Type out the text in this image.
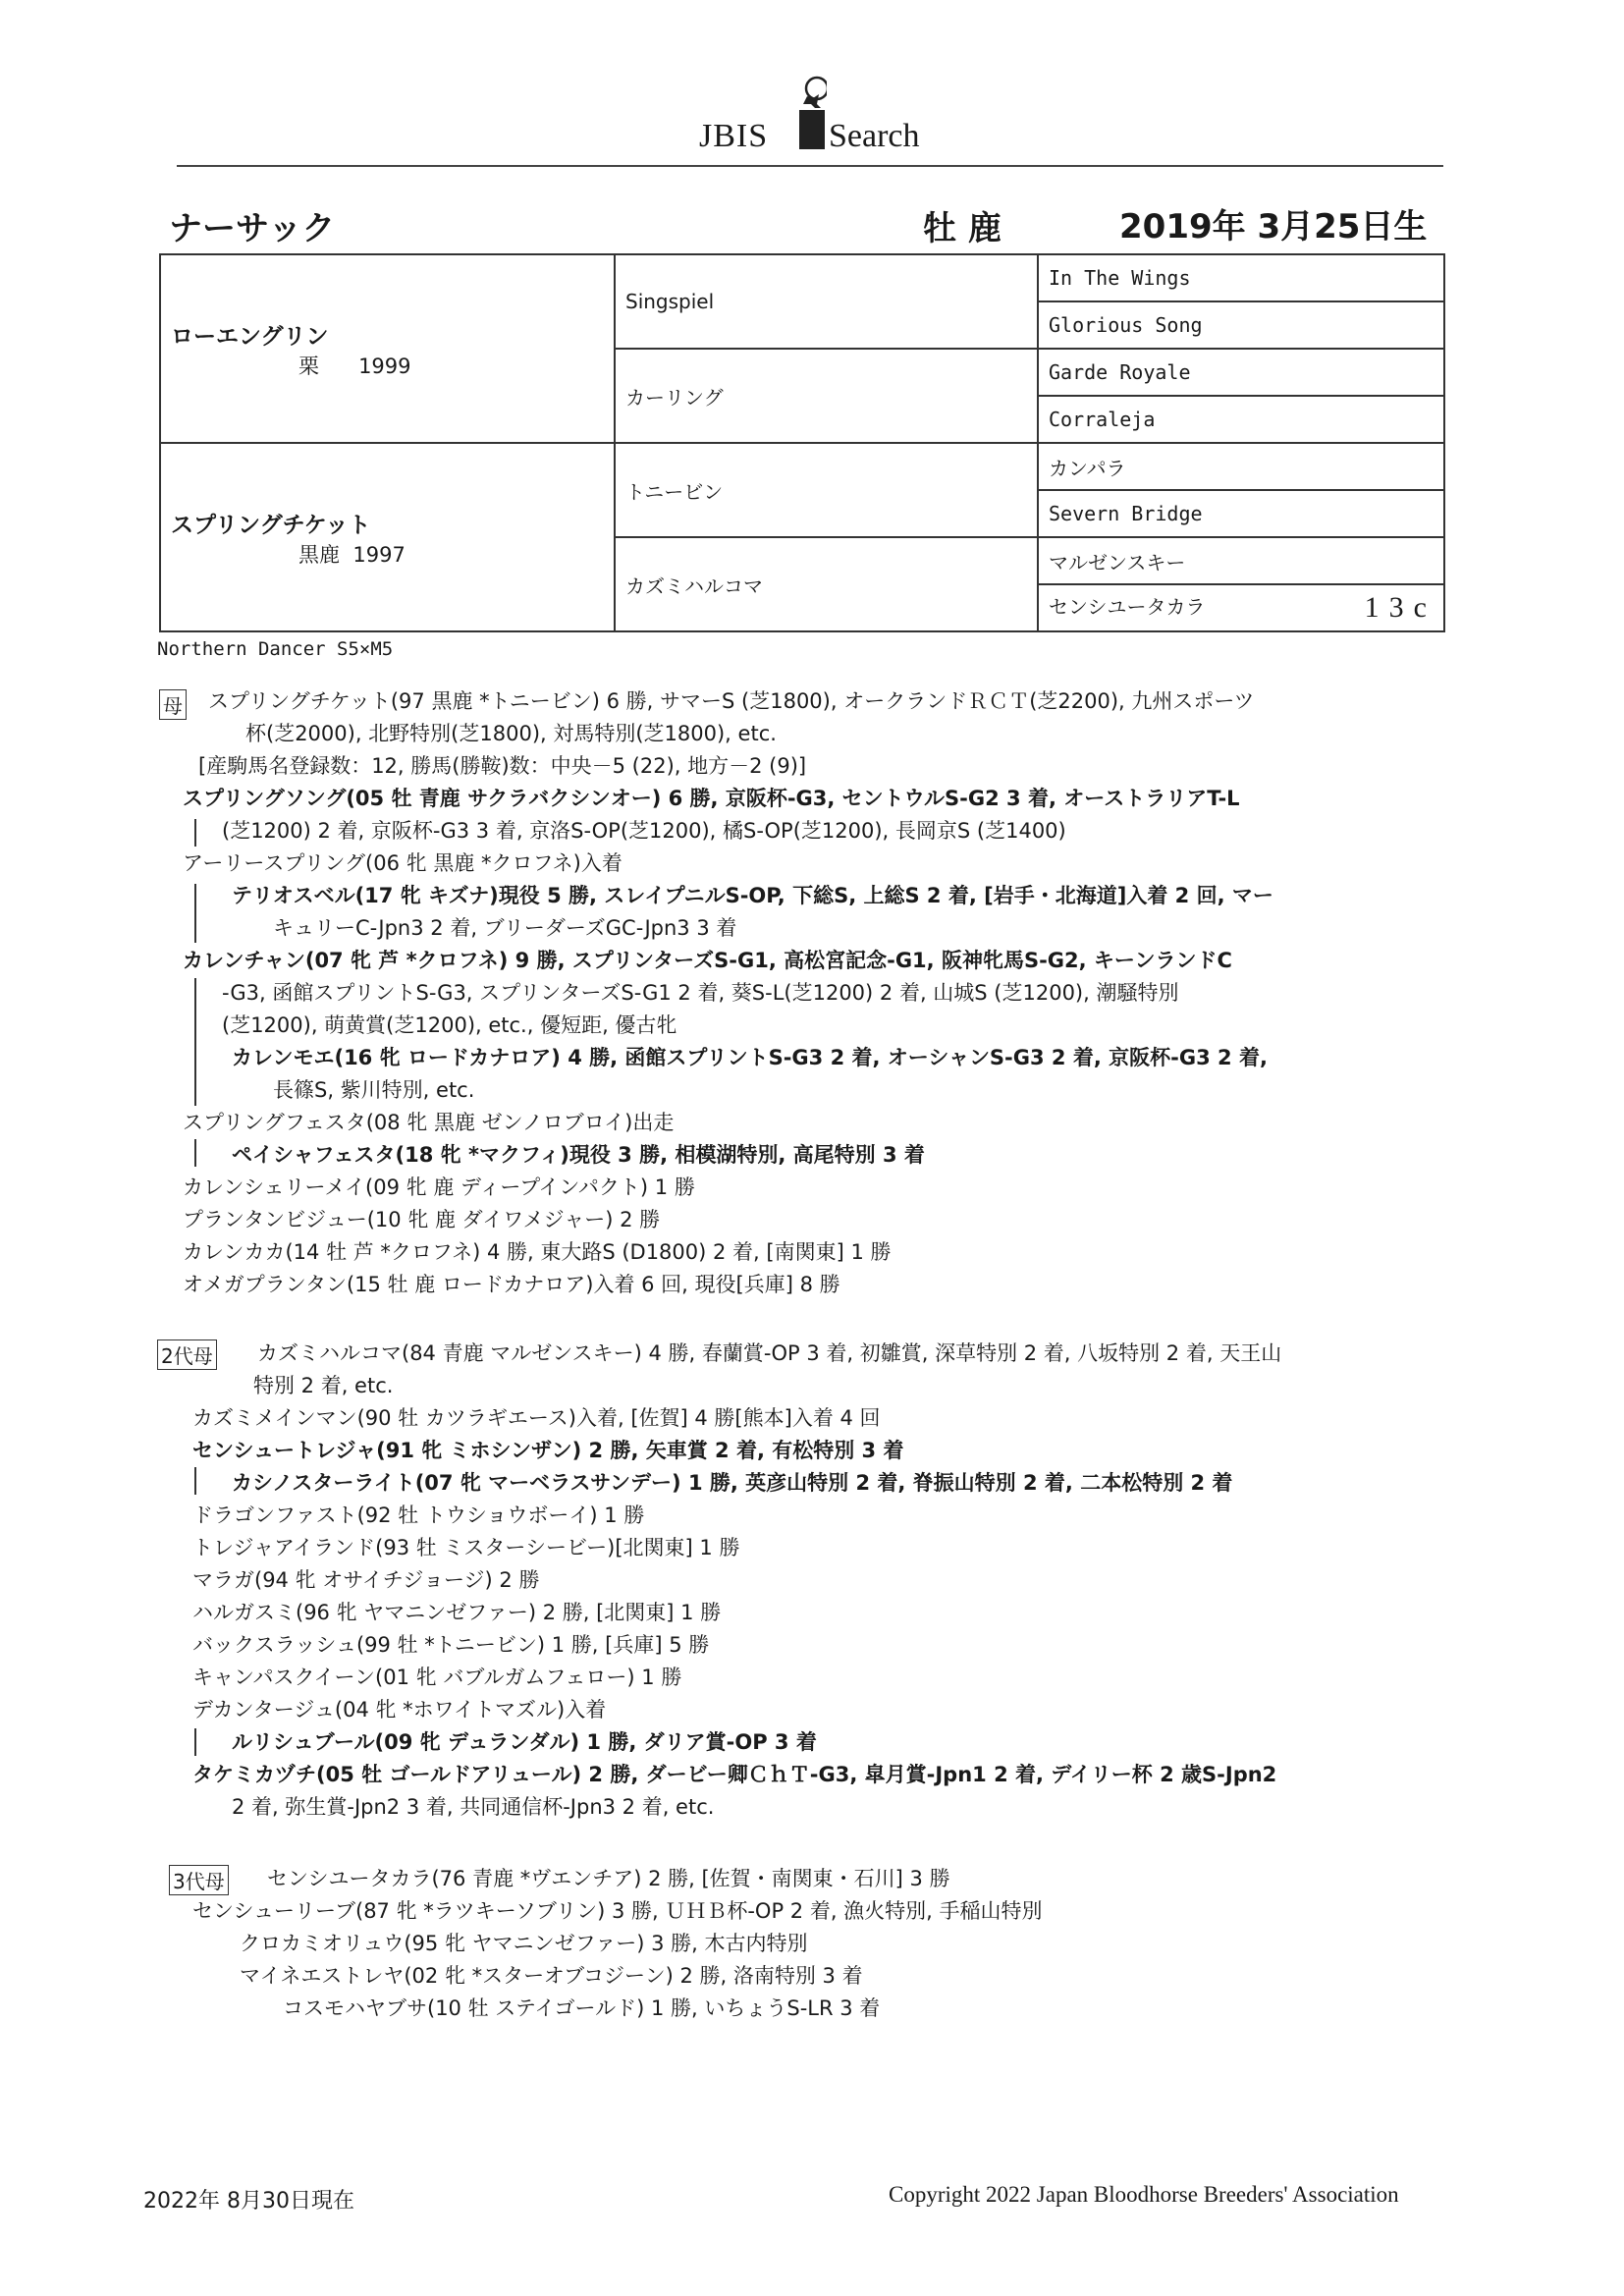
JBIS Search
ナーサック	牡 鹿	2019年 3月25日生
ローエングリン
栗 1999	Singspiel	In The Wings
		Glorious Song
	カーリング	Garde Royale
		Corraleja

スプリングチケット
黒鹿 1997	トニービン	カンパラ
		Severn Bridge
	カズミハルコマ	マルゼンスキー
		センシユータカラ 13c
Northern Dancer S5×M5
母
2代母
3代母
スプリングチケット(97 黒鹿 *トニービン) 6 勝, サマーS (芝1800), オークランドＲＣＴ(芝2200), 九州スポーツ
杯(芝2000), 北野特別(芝1800), 対馬特別(芝1800), etc.
[産駒馬名登録数：12, 勝馬(勝鞍)数：中央－5 (22), 地方－2 (9)]
スプリングソング(05 牡 青鹿 サクラバクシンオー) 6 勝, 京阪杯-G3, セントウルS-G2 3 着, オーストラリアT-L
(芝1200) 2 着, 京阪杯-G3 3 着, 京洛S-OP(芝1200), 橘S-OP(芝1200), 長岡京S (芝1400)
アーリースプリング(06 牝 黒鹿 *クロフネ)入着
テリオスベル(17 牝 キズナ)現役 5 勝, スレイプニルS-OP, 下総S, 上総S 2 着, [岩手・北海道]入着 2 回, マー
キュリーC-Jpn3 2 着, ブリーダーズGC-Jpn3 3 着
カレンチャン(07 牝 芦 *クロフネ) 9 勝, スプリンターズS-G1, 高松宮記念-G1, 阪神牝馬S-G2, キーンランドC
-G3, 函館スプリントS-G3, スプリンターズS-G1 2 着, 葵S-L(芝1200) 2 着, 山城S (芝1200), 潮騒特別
(芝1200), 萌黄賞(芝1200), etc., 優短距, 優古牝
カレンモエ(16 牝 ロードカナロア) 4 勝, 函館スプリントS-G3 2 着, オーシャンS-G3 2 着, 京阪杯-G3 2 着,
長篠S, 紫川特別, etc.
スプリングフェスタ(08 牝 黒鹿 ゼンノロブロイ)出走
ペイシャフェスタ(18 牝 *マクフィ)現役 3 勝, 相模湖特別, 高尾特別 3 着
カレンシェリーメイ(09 牝 鹿 ディープインパクト) 1 勝
プランタンビジュー(10 牝 鹿 ダイワメジャー) 2 勝
カレンカカ(14 牡 芦 *クロフネ) 4 勝, 東大路S (D1800) 2 着, [南関東] 1 勝
オメガプランタン(15 牡 鹿 ロードカナロア)入着 6 回, 現役[兵庫] 8 勝
カズミハルコマ(84 青鹿 マルゼンスキー) 4 勝, 春蘭賞-OP 3 着, 初雛賞, 深草特別 2 着, 八坂特別 2 着, 天王山
特別 2 着, etc.
カズミメインマン(90 牡 カツラギエース)入着, [佐賀] 4 勝[熊本]入着 4 回
センシュートレジャ(91 牝 ミホシンザン) 2 勝, 矢車賞 2 着, 有松特別 3 着
カシノスターライト(07 牝 マーベラスサンデー) 1 勝, 英彦山特別 2 着, 脊振山特別 2 着, 二本松特別 2 着
ドラゴンファスト(92 牡 トウショウボーイ) 1 勝
トレジャアイランド(93 牡 ミスターシービー)[北関東] 1 勝
マラガ(94 牝 オサイチジョージ) 2 勝
ハルガスミ(96 牝 ヤマニンゼファー) 2 勝, [北関東] 1 勝
バックスラッシュ(99 牡 *トニービン) 1 勝, [兵庫] 5 勝
キャンパスクイーン(01 牝 バブルガムフェロー) 1 勝
デカンタージュ(04 牝 *ホワイトマズル)入着
ルリシュブール(09 牝 デュランダル) 1 勝, ダリア賞-OP 3 着
タケミカヅチ(05 牡 ゴールドアリュール) 2 勝, ダービー卿ＣｈＴ-G3, 皐月賞-Jpn1 2 着, デイリー杯 2 歳S-Jpn2
2 着, 弥生賞-Jpn2 3 着, 共同通信杯-Jpn3 2 着, etc.
センシユータカラ(76 青鹿 *ヴエンチア) 2 勝, [佐賀・南関東・石川] 3 勝
センシューリーブ(87 牝 *ラツキーソブリン) 3 勝, ＵＨＢ杯-OP 2 着, 漁火特別, 手稲山特別
クロカミオリュウ(95 牝 ヤマニンゼファー) 3 勝, 木古内特別
マイネエストレヤ(02 牝 *スターオブコジーン) 2 勝, 洛南特別 3 着
コスモハヤブサ(10 牡 ステイゴールド) 1 勝, いちょうS-LR 3 着
2022年 8月30日現在	Copyright 2022 Japan Bloodhorse Breeders' Association
